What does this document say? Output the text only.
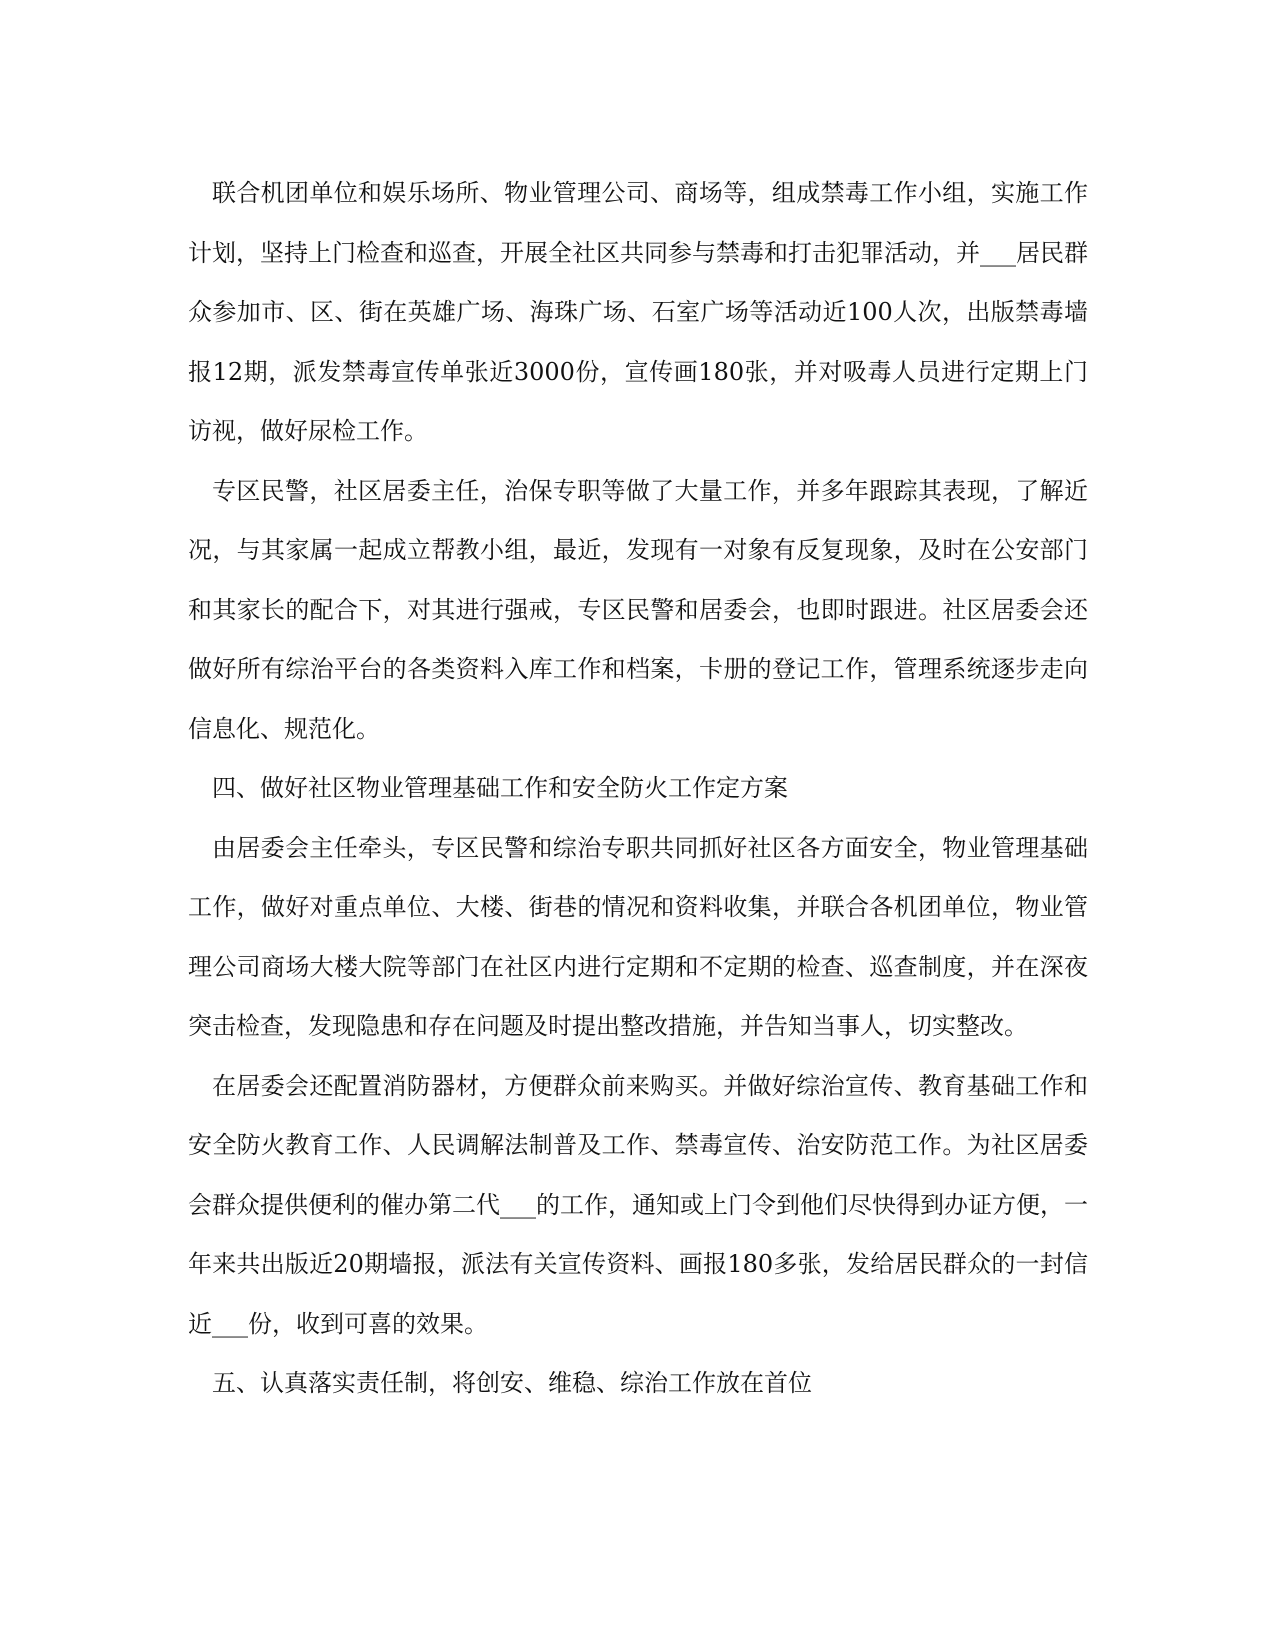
联合机团单位和娱乐场所、物业管理公司、商场等，组成禁毒工作小组，实施工作计划，坚持上门检查和巡查，开展全社区共同参与禁毒和打击犯罪活动，并___居民群众参加市、区、街在英雄广场、海珠广场、石室广场等活动近100人次，出版禁毒墙报12期，派发禁毒宣传单张近3000份，宣传画180张，并对吸毒人员进行定期上门访视，做好尿检工作。

专区民警，社区居委主任，治保专职等做了大量工作，并多年跟踪其表现，了解近况，与其家属一起成立帮教小组，最近，发现有一对象有反复现象，及时在公安部门和其家长的配合下，对其进行强戒，专区民警和居委会，也即时跟进。社区居委会还做好所有综治平台的各类资料入库工作和档案，卡册的登记工作，管理系统逐步走向信息化、规范化。

四、做好社区物业管理基础工作和安全防火工作定方案

由居委会主任牵头，专区民警和综治专职共同抓好社区各方面安全，物业管理基础工作，做好对重点单位、大楼、街巷的情况和资料收集，并联合各机团单位，物业管理公司商场大楼大院等部门在社区内进行定期和不定期的检查、巡查制度，并在深夜突击检查，发现隐患和存在问题及时提出整改措施，并告知当事人，切实整改。

在居委会还配置消防器材，方便群众前来购买。并做好综治宣传、教育基础工作和安全防火教育工作、人民调解法制普及工作、禁毒宣传、治安防范工作。为社区居委会群众提供便利的催办第二代___的工作，通知或上门令到他们尽快得到办证方便，一年来共出版近20期墙报，派法有关宣传资料、画报180多张，发给居民群众的一封信近___份，收到可喜的效果。

五、认真落实责任制，将创安、维稳、综治工作放在首位
